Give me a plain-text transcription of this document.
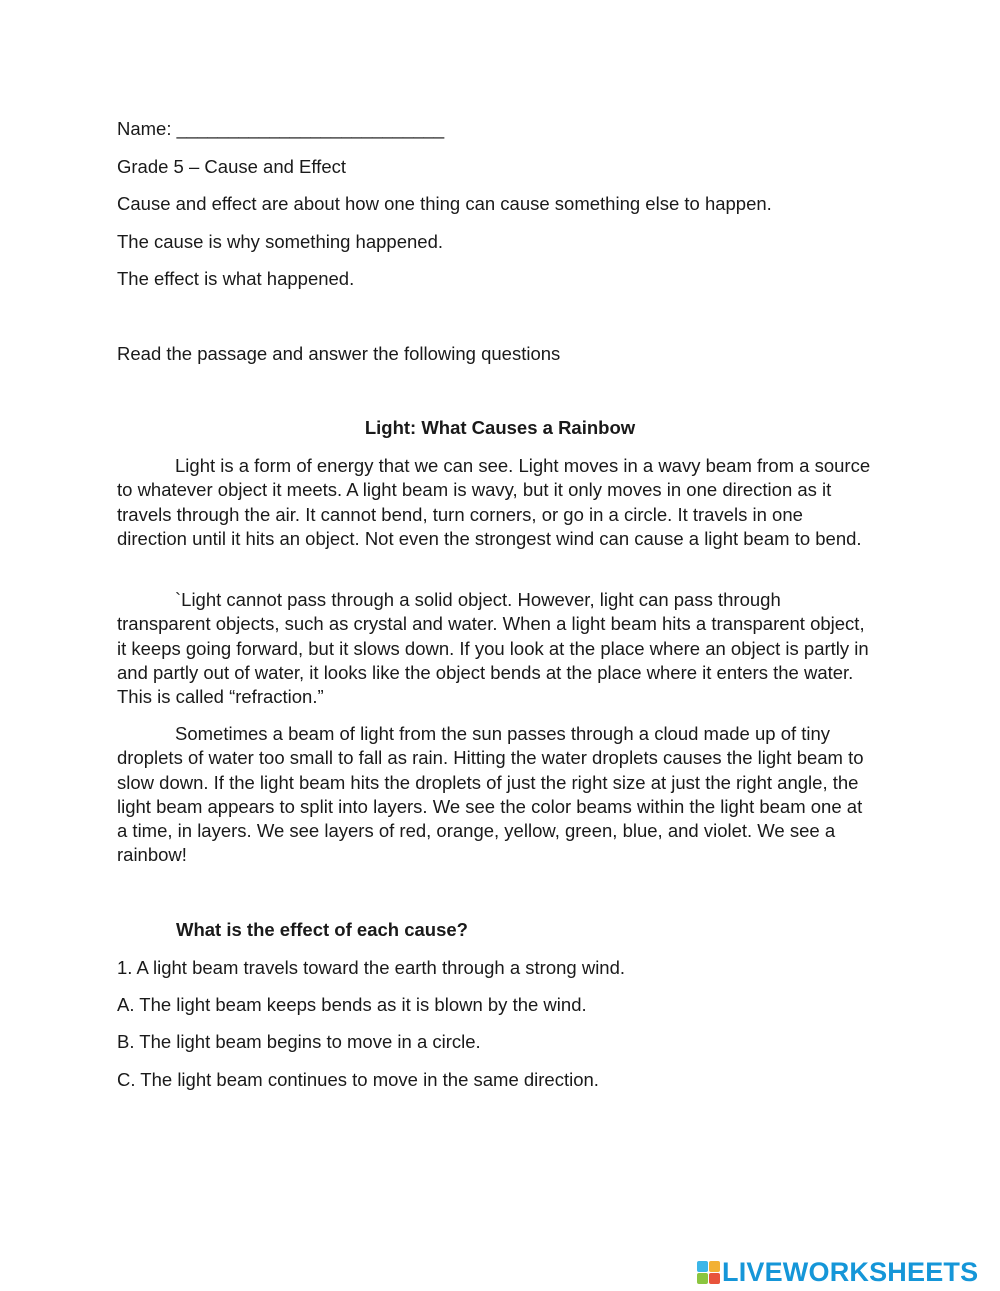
Name: __________________________
Grade 5 – Cause and Effect
Cause and effect are about how one thing can cause something else to happen.
The cause is why something happened.
The effect is what happened.
Read the passage and answer the following questions
Light: What Causes a Rainbow
Light is a form of energy that we can see. Light moves in a wavy beam from a source to whatever object it meets. A light beam is wavy, but it only moves in one direction as it travels through the air. It cannot bend, turn corners, or go in a circle. It travels in one direction until it hits an object. Not even the strongest wind can cause a light beam to bend.
`Light cannot pass through a solid object. However, light can pass through transparent objects, such as crystal and water. When a light beam hits a transparent object, it keeps going forward, but it slows down. If you look at the place where an object is partly in and partly out of water, it looks like the object bends at the place where it enters the water. This is called “refraction.”
Sometimes a beam of light from the sun passes through a cloud made up of tiny droplets of water too small to fall as rain. Hitting the water droplets causes the light beam to slow down. If the light beam hits the droplets of just the right size at just the right angle, the light beam appears to split into layers. We see the color beams within the light beam one at a time, in layers. We see layers of red, orange, yellow, green, blue, and violet. We see a rainbow!
What is the effect of each cause?
1. A light beam travels toward the earth through a strong wind.
A. The light beam keeps bends as it is blown by the wind.
B. The light beam begins to move in a circle.
C. The light beam continues to move in the same direction.
LIVEWORKSHEETS
